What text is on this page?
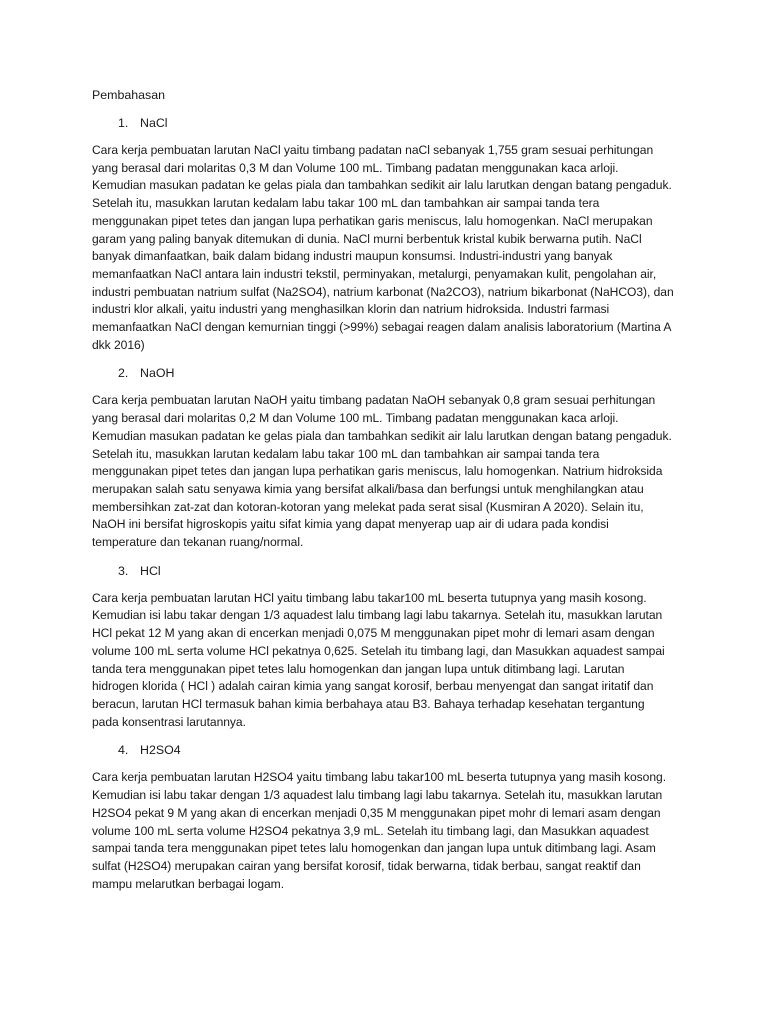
Pembahasan

1. NaCl

Cara kerja pembuatan larutan NaCl yaitu timbang padatan naCl sebanyak 1,755 gram sesuai perhitungan yang berasal dari molaritas 0,3 M dan Volume 100 mL. Timbang padatan menggunakan kaca arloji. Kemudian masukan padatan ke gelas piala dan tambahkan sedikit air lalu larutkan dengan batang pengaduk. Setelah itu, masukkan larutan kedalam labu takar 100 mL dan tambahkan air sampai tanda tera menggunakan pipet tetes dan jangan lupa perhatikan garis meniscus, lalu homogenkan. NaCl merupakan garam yang paling banyak ditemukan di dunia. NaCl murni berbentuk kristal kubik berwarna putih. NaCl banyak dimanfaatkan, baik dalam bidang industri maupun konsumsi. Industri-industri yang banyak memanfaatkan NaCl antara lain industri tekstil, perminyakan, metalurgi, penyamakan kulit, pengolahan air, industri pembuatan natrium sulfat (Na2SO4), natrium karbonat (Na2CO3), natrium bikarbonat (NaHCO3), dan industri klor alkali, yaitu industri yang menghasilkan klorin dan natrium hidroksida. Industri farmasi memanfaatkan NaCl dengan kemurnian tinggi (>99%) sebagai reagen dalam analisis laboratorium (Martina A dkk 2016)

2. NaOH

Cara kerja pembuatan larutan NaOH yaitu timbang padatan NaOH sebanyak 0,8 gram sesuai perhitungan yang berasal dari molaritas 0,2 M dan Volume 100 mL. Timbang padatan menggunakan kaca arloji. Kemudian masukan padatan ke gelas piala dan tambahkan sedikit air lalu larutkan dengan batang pengaduk. Setelah itu, masukkan larutan kedalam labu takar 100 mL dan tambahkan air sampai tanda tera menggunakan pipet tetes dan jangan lupa perhatikan garis meniscus, lalu homogenkan. Natrium hidroksida merupakan salah satu senyawa kimia yang bersifat alkali/basa dan berfungsi untuk menghilangkan atau membersihkan zat-zat dan kotoran-kotoran yang melekat pada serat sisal (Kusmiran A 2020). Selain itu, NaOH ini bersifat higroskopis yaitu sifat kimia yang dapat menyerap uap air di udara pada kondisi temperature dan tekanan ruang/normal.

3. HCl

Cara kerja pembuatan larutan HCl yaitu timbang labu takar100 mL beserta tutupnya yang masih kosong. Kemudian isi labu takar dengan 1/3 aquadest lalu timbang lagi labu takarnya. Setelah itu, masukkan larutan HCl pekat 12 M yang akan di encerkan menjadi 0,075 M menggunakan pipet mohr di lemari asam dengan volume 100 mL serta volume HCl pekatnya 0,625. Setelah itu timbang lagi, dan Masukkan aquadest sampai tanda tera menggunakan pipet tetes lalu homogenkan dan jangan lupa untuk ditimbang lagi. Larutan hidrogen klorida ( HCl ) adalah cairan kimia yang sangat korosif, berbau menyengat dan sangat iritatif dan beracun, larutan HCl termasuk bahan kimia berbahaya atau B3. Bahaya terhadap kesehatan tergantung pada konsentrasi larutannya.

4. H2SO4

Cara kerja pembuatan larutan H2SO4 yaitu timbang labu takar100 mL beserta tutupnya yang masih kosong. Kemudian isi labu takar dengan 1/3 aquadest lalu timbang lagi labu takarnya. Setelah itu, masukkan larutan H2SO4 pekat 9 M yang akan di encerkan menjadi 0,35 M menggunakan pipet mohr di lemari asam dengan volume 100 mL serta volume H2SO4 pekatnya 3,9 mL. Setelah itu timbang lagi, dan Masukkan aquadest sampai tanda tera menggunakan pipet tetes lalu homogenkan dan jangan lupa untuk ditimbang lagi. Asam sulfat (H2SO4) merupakan cairan yang bersifat korosif, tidak berwarna, tidak berbau, sangat reaktif dan mampu melarutkan berbagai logam.
